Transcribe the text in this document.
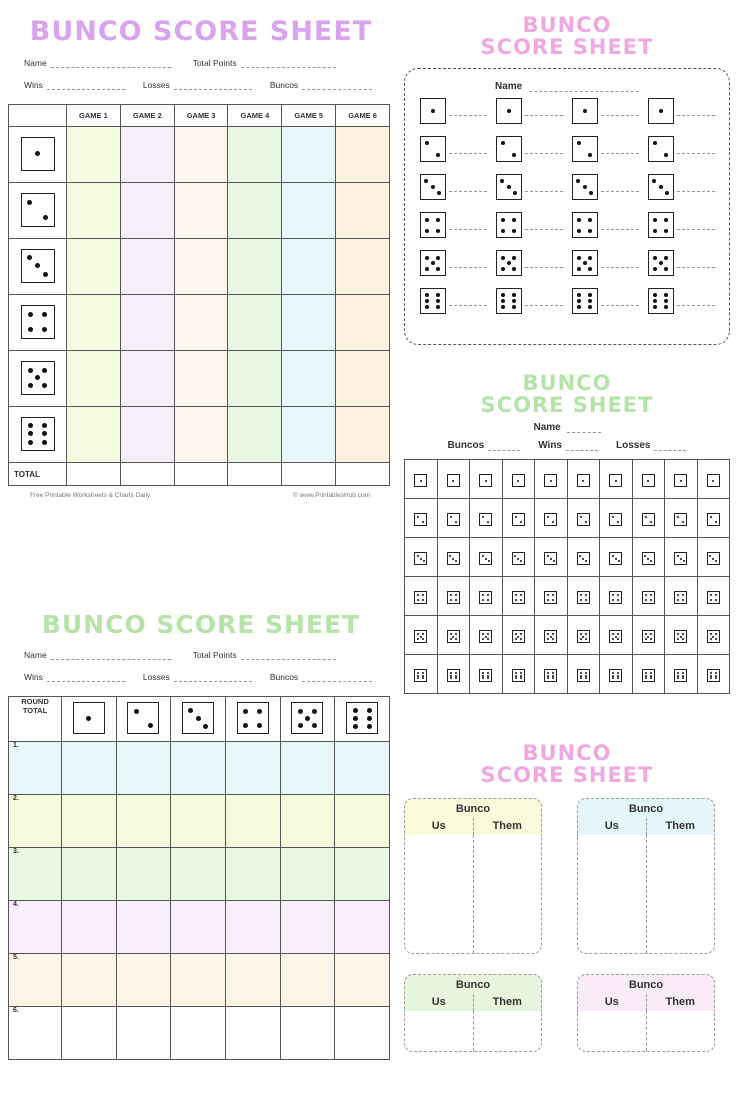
BUNCO SCORE SHEET
Name	Total Points
Wins	Losses	Buncos
	GAME 1	GAME 2	GAME 3	GAME 4	GAME 5	GAME 6

TOTAL						
Free Printable Worksheets & Charts Daily	© www.PrintablesHub.com
BUNCO SCORE SHEET
Name	Total Points
Wins	Losses	Buncos
ROUND
TOTAL						

1.						
2.						
3.						
4.						
5.						
6.						
BUNCO
SCORE SHEET
Name
BUNCO
SCORE SHEET
Name
Buncos	Wins	Losses

BUNCO
SCORE SHEET
Bunco
Us	Them
Bunco
Us	Them
Bunco
Us	Them
Bunco
Us	Them
